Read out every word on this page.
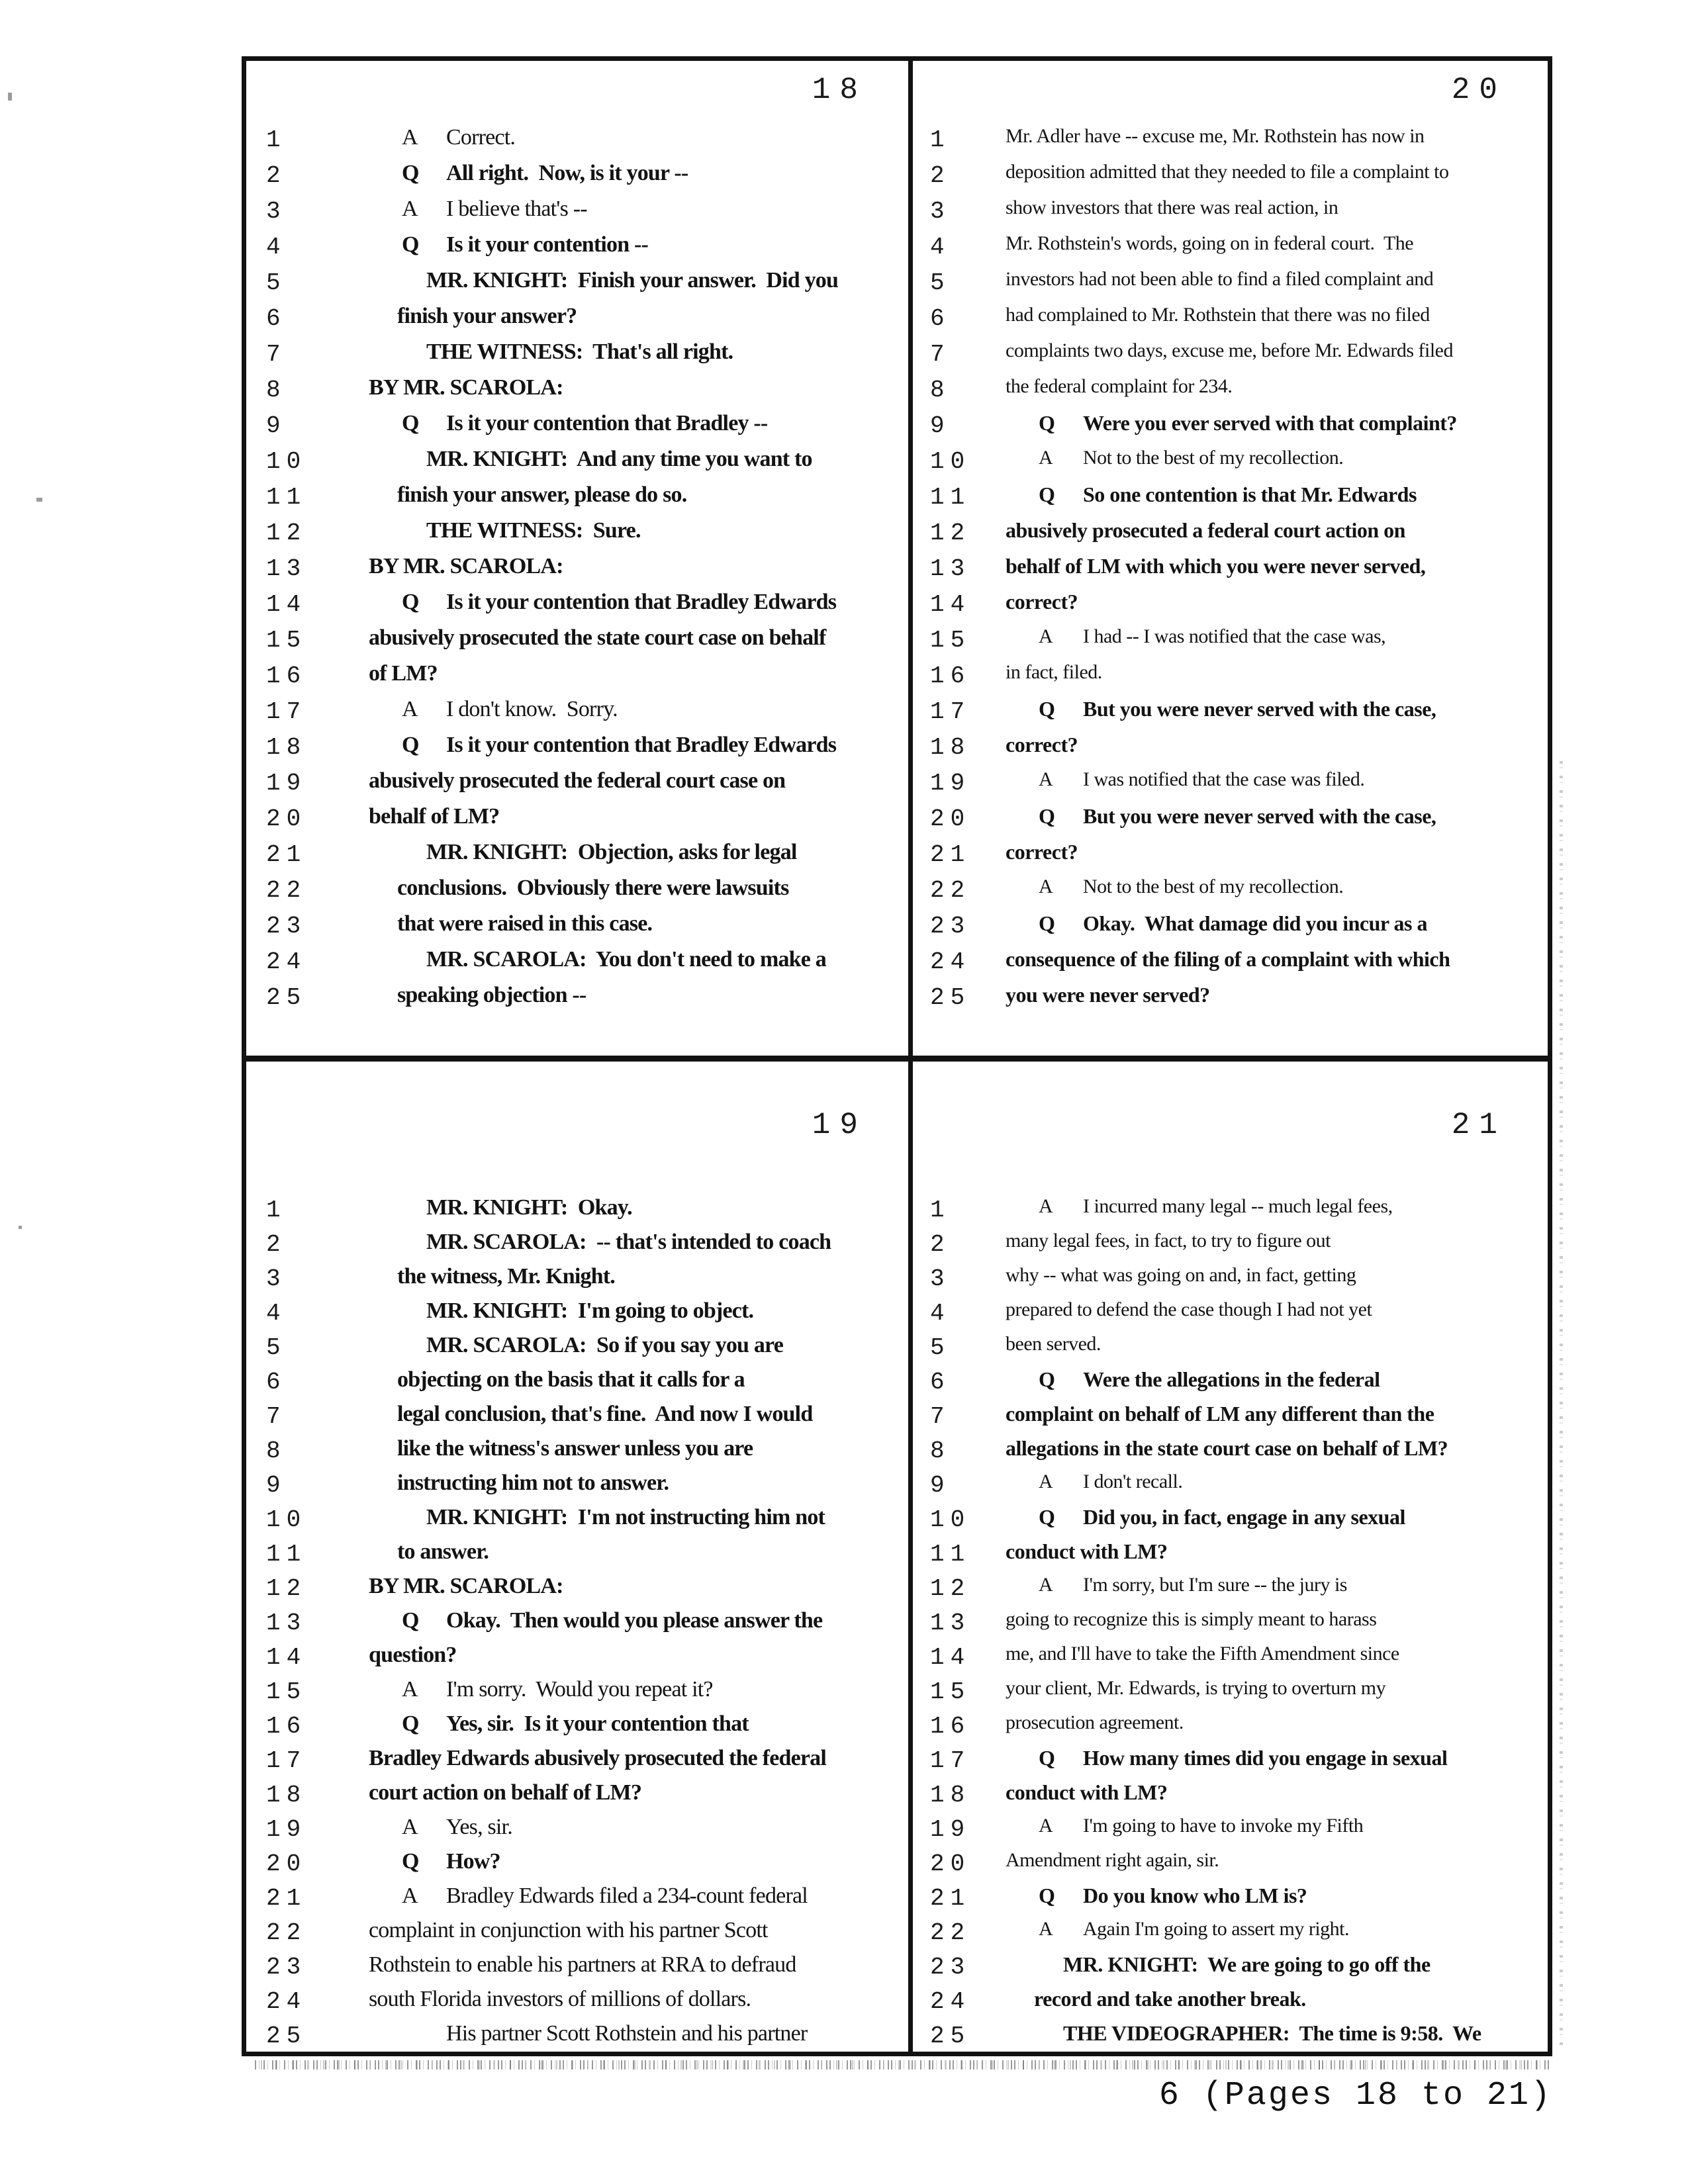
18
1	A Correct.
2	Q All right.  Now, is it your --
3	A I believe that's --
4	Q Is it your contention --
5	MR. KNIGHT:  Finish your answer.  Did you
6	finish your answer?
7	THE WITNESS:  That's all right.
8	BY MR. SCAROLA:
9	Q Is it your contention that Bradley --
10	MR. KNIGHT:  And any time you want to
11	finish your answer, please do so.
12	THE WITNESS:  Sure.
13	BY MR. SCAROLA:
14	Q Is it your contention that Bradley Edwards
15	abusively prosecuted the state court case on behalf
16	of LM?
17	A I don't know.  Sorry.
18	Q Is it your contention that Bradley Edwards
19	abusively prosecuted the federal court case on
20	behalf of LM?
21	MR. KNIGHT:  Objection, asks for legal
22	conclusions.  Obviously there were lawsuits
23	that were raised in this case.
24	MR. SCAROLA:  You don't need to make a
25	speaking objection --
20
1	Mr. Adler have -- excuse me, Mr. Rothstein has now in
2	deposition admitted that they needed to file a complaint to
3	show investors that there was real action, in
4	Mr. Rothstein's words, going on in federal court.  The
5	investors had not been able to find a filed complaint and
6	had complained to Mr. Rothstein that there was no filed
7	complaints two days, excuse me, before Mr. Edwards filed
8	the federal complaint for 234.
9	Q Were you ever served with that complaint?
10	A Not to the best of my recollection.
11	Q So one contention is that Mr. Edwards
12 abusively prosecuted a federal court action on
13 behalf of LM with which you were never served,
14 correct?
15	A I had -- I was notified that the case was,
16 in fact, filed.
17	Q But you were never served with the case,
18 correct?
19	A I was notified that the case was filed.
20	Q But you were never served with the case,
21 correct?
22	A Not to the best of my recollection.
23	Q Okay.  What damage did you incur as a
24 consequence of the filing of a complaint with which
25 you were never served?
19
1	MR. KNIGHT:  Okay.
2	MR. SCAROLA:  -- that's intended to coach
3	the witness, Mr. Knight.
4	MR. KNIGHT:  I'm going to object.
5	MR. SCAROLA:  So if you say you are
6	objecting on the basis that it calls for a
7	legal conclusion, that's fine.  And now I would
8	like the witness's answer unless you are
9	instructing him not to answer.
10	MR. KNIGHT:  I'm not instructing him not
11	to answer.
12	BY MR. SCAROLA:
13	Q Okay.  Then would you please answer the
14	question?
15	A I'm sorry.  Would you repeat it?
16	Q Yes, sir.  Is it your contention that
17	Bradley Edwards abusively prosecuted the federal
18	court action on behalf of LM?
19	A Yes, sir.
20	Q How?
21	A Bradley Edwards filed a 234-count federal
22	complaint in conjunction with his partner Scott
23	Rothstein to enable his partners at RRA to defraud
24	south Florida investors of millions of dollars.
25	His partner Scott Rothstein and his partner
21
1	A I incurred many legal -- much legal fees,
2	many legal fees, in fact, to try to figure out
3	why -- what was going on and, in fact, getting
4	prepared to defend the case though I had not yet
5	been served.
6	Q Were the allegations in the federal
7	complaint on behalf of LM any different than the
8	allegations in the state court case on behalf of LM?
9	A I don't recall.
10	Q Did you, in fact, engage in any sexual
11 conduct with LM?
12	A I'm sorry, but I'm sure -- the jury is
13 going to recognize this is simply meant to harass
14 me, and I'll have to take the Fifth Amendment since
15 your client, Mr. Edwards, is trying to overturn my
16 prosecution agreement.
17	Q How many times did you engage in sexual
18 conduct with LM?
19	A I'm going to have to invoke my Fifth
20 Amendment right again, sir.
21	Q Do you know who LM is?
22	A Again I'm going to assert my right.
23	MR. KNIGHT:  We are going to go off the
24	record and take another break.
25	THE VIDEOGRAPHER:  The time is 9:58.  We
6 (Pages 18 to 21)
